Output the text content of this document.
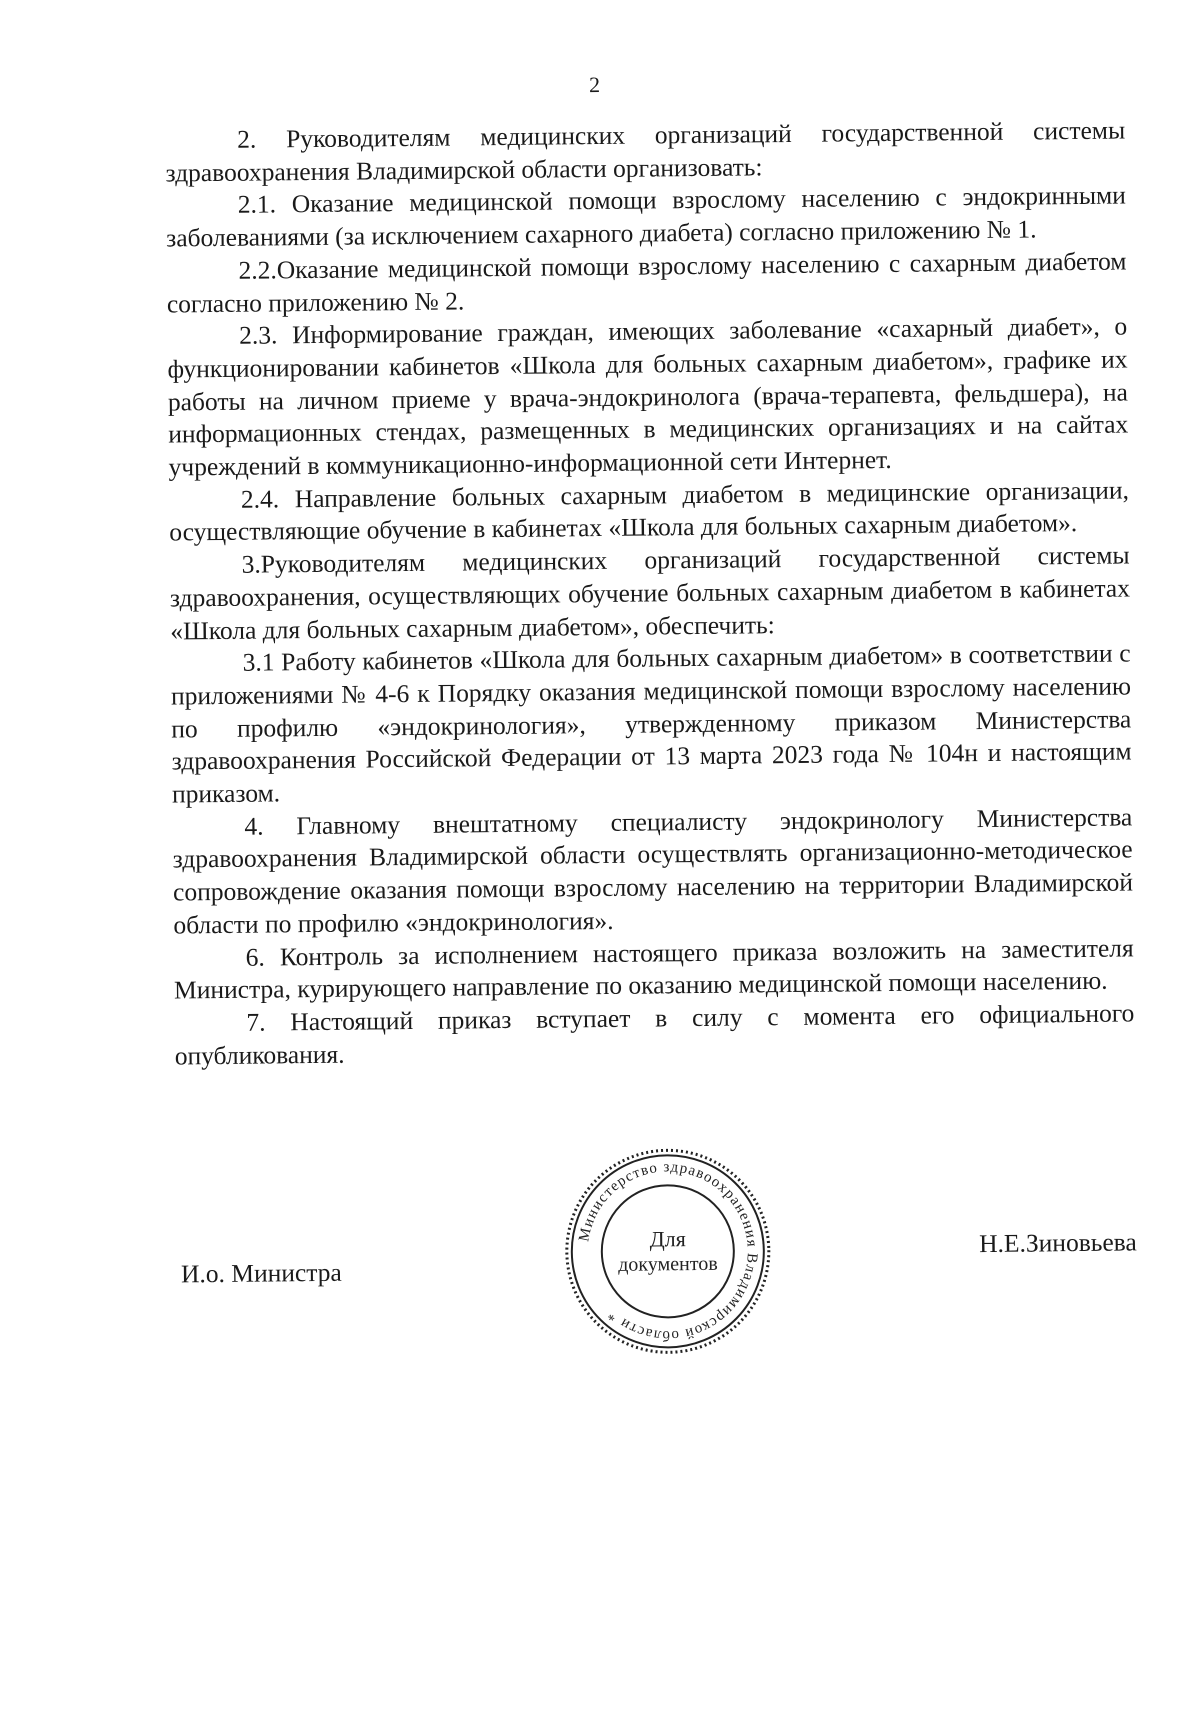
2

2. Руководителям медицинских организаций государственной системы здравоохранения Владимирской области организовать:

2.1. Оказание медицинской помощи взрослому населению с эндокринными заболеваниями (за исключением сахарного диабета) согласно приложению № 1.

2.2.Оказание медицинской помощи взрослому населению с сахарным диабетом согласно приложению № 2.

2.3. Информирование граждан, имеющих заболевание «сахарный диабет», о функционировании кабинетов «Школа для больных сахарным диабетом», графике их работы на личном приеме у врача-эндокринолога (врача-терапевта, фельдшера), на информационных стендах, размещенных в медицинских организациях и на сайтах учреждений в коммуникационно-информационной сети Интернет.

2.4. Направление больных сахарным диабетом в медицинские организации, осуществляющие обучение в кабинетах «Школа для больных сахарным диабетом».

3.Руководителям медицинских организаций государственной системы здравоохранения, осуществляющих обучение больных сахарным диабетом в кабинетах «Школа для больных сахарным диабетом», обеспечить:

3.1 Работу кабинетов «Школа для больных сахарным диабетом» в соответствии с приложениями № 4-6 к Порядку оказания медицинской помощи взрослому населению по профилю «эндокринология», утвержденному приказом Министерства здравоохранения Российской Федерации от 13 марта 2023 года № 104н и настоящим приказом.

4. Главному внештатному специалисту эндокринологу Министерства здравоохранения Владимирской области осуществлять организационно-методическое сопровождение оказания помощи взрослому населению на территории Владимирской области по профилю «эндокринология».

6. Контроль за исполнением настоящего приказа возложить на заместителя Министра, курирующего направление по оказанию медицинской помощи населению.

7. Настоящий приказ вступает в силу с момента его официального опубликования.

И.о. Министра
Н.Е.Зиновьева
Министерство здравоохранения Владимирской области *
Для
документов
